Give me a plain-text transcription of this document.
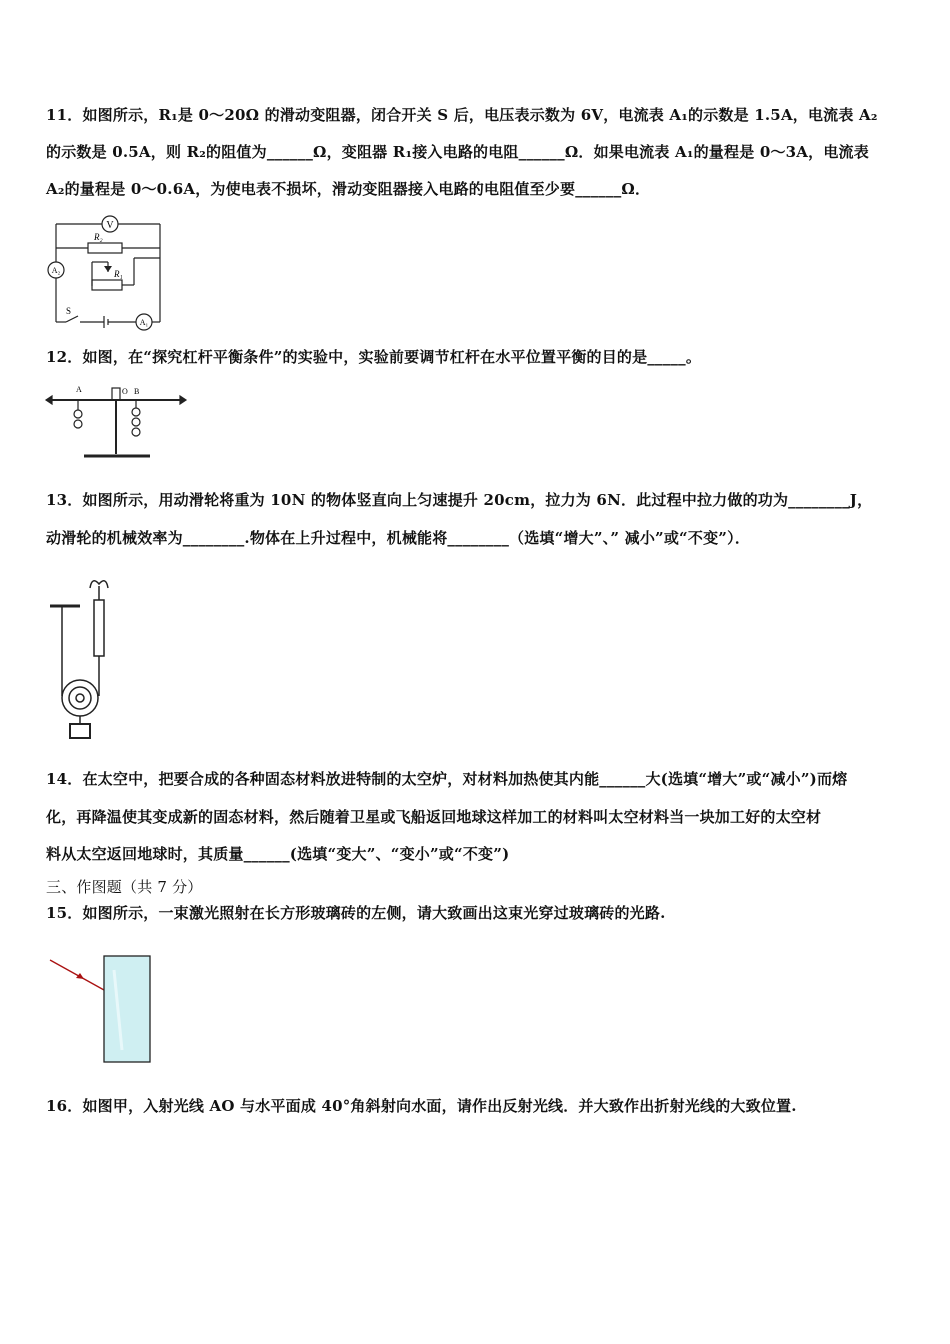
11．如图所示，R₁是 0～20Ω 的滑动变阻器，闭合开关 S 后，电压表示数为 6V，电流表 A₁的示数是 1.5A，电流表 A₂
的示数是 0.5A，则 R₂的阻值为______Ω，变阻器 R₁接入电路的电阻______Ω．如果电流表 A₁的量程是 0～3A，电流表
A₂的量程是 0～0.6A，为使电表不损坏，滑动变阻器接入电路的电阻值至少要______Ω．
V
R₂
R₁
A₂
A₁
S
12．如图，在“探究杠杆平衡条件”的实验中，实验前要调节杠杆在水平位置平衡的目的是_____。
A	O B
13．如图所示，用动滑轮将重为 10N 的物体竖直向上匀速提升 20cm，拉力为 6N．此过程中拉力做的功为________J，
动滑轮的机械效率为________.物体在上升过程中，机械能将________（选填“增大”、” 减小”或“不变”）．
14．在太空中，把要合成的各种固态材料放进特制的太空炉，对材料加热使其内能______大(选填“增大”或“减小”)而熔
化，再降温使其变成新的固态材料，然后随着卫星或飞船返回地球这样加工的材料叫太空材料当一块加工好的太空材
料从太空返回地球时，其质量______(选填“变大”、“变小”或“不变”)
三、作图题（共 7 分）
15．如图所示，一束激光照射在长方形玻璃砖的左侧，请大致画出这束光穿过玻璃砖的光路.
16．如图甲，入射光线 AO 与水平面成 40°角斜射向水面，请作出反射光线．并大致作出折射光线的大致位置.
